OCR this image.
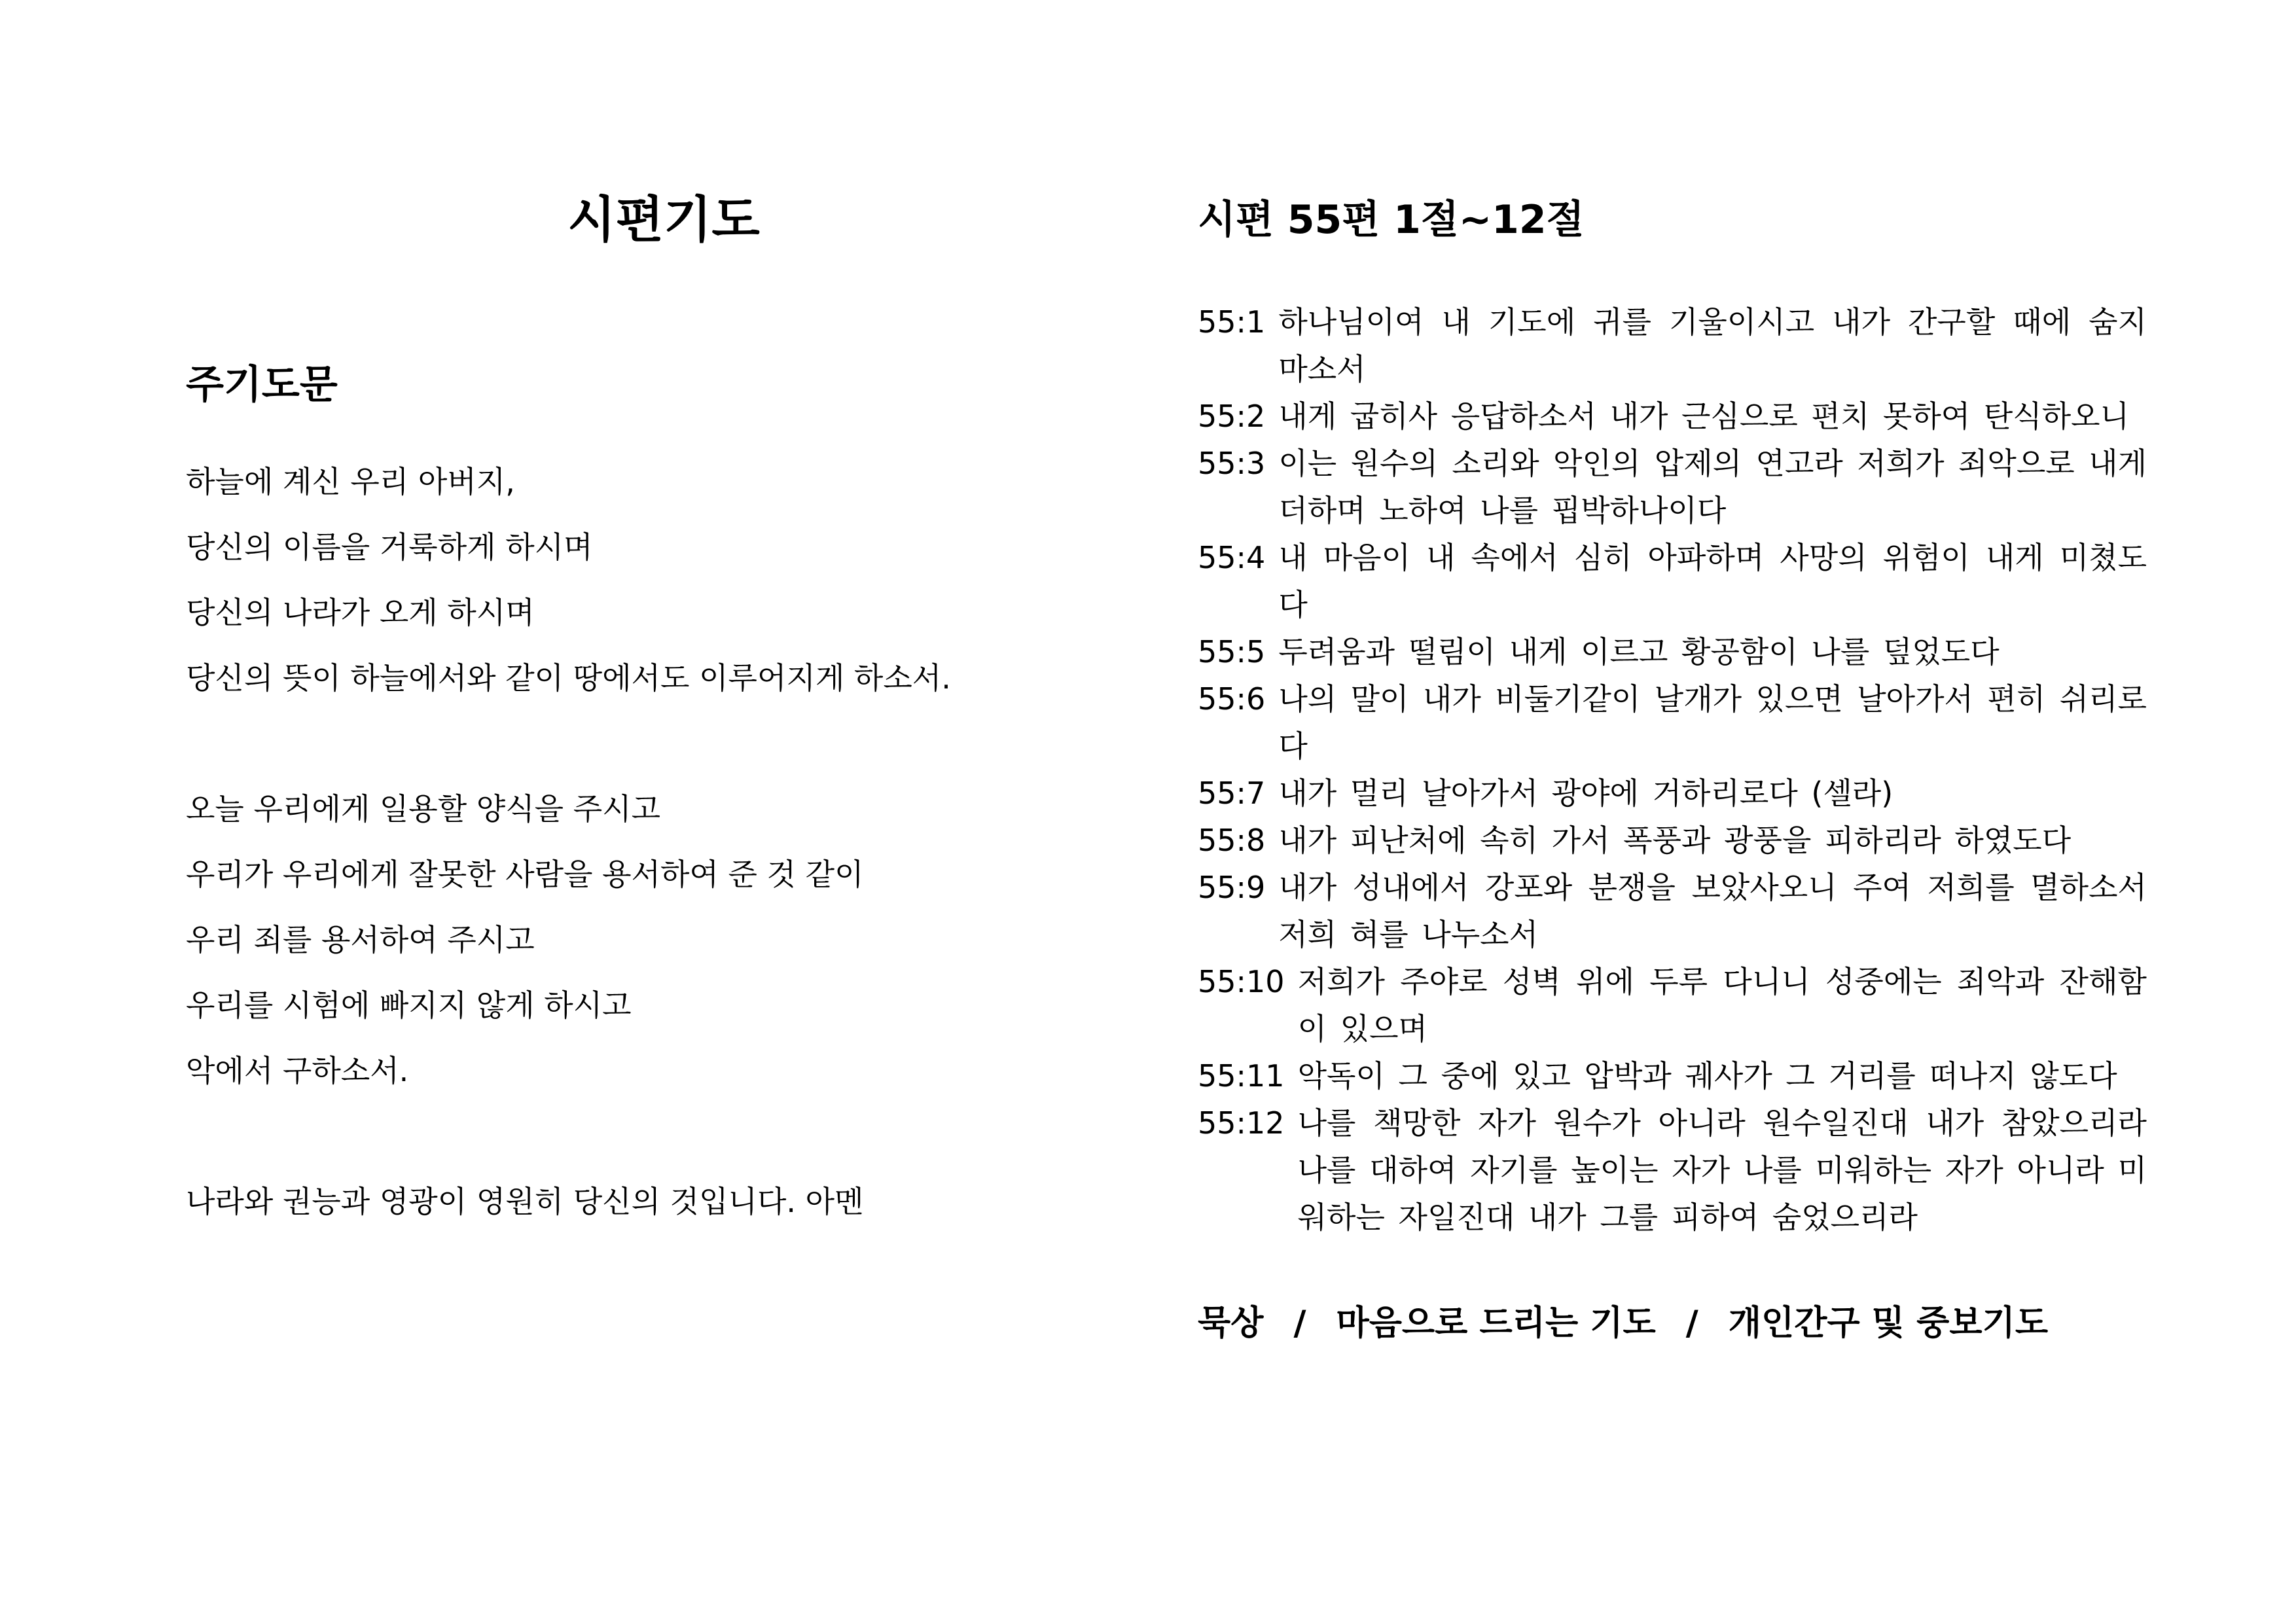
시편기도
주기도문
하늘에 계신 우리 아버지,
당신의 이름을 거룩하게 하시며
당신의 나라가 오게 하시며
당신의 뜻이 하늘에서와 같이 땅에서도 이루어지게 하소서.
오늘 우리에게 일용할 양식을 주시고
우리가 우리에게 잘못한 사람을 용서하여 준 것 같이
우리 죄를 용서하여 주시고
우리를 시험에 빠지지 않게 하시고
악에서 구하소서.
나라와 권능과 영광이 영원히 당신의 것입니다. 아멘
시편 55편 1절~12절
55:1 하나님이여 내 기도에 귀를 기울이시고 내가 간구할 때에 숨지 마소서
55:2 내게 굽히사 응답하소서 내가 근심으로 편치 못하여 탄식하오니
55:3 이는 원수의 소리와 악인의 압제의 연고라 저희가 죄악으로 내게 더하며 노하여 나를 핍박하나이다
55:4 내 마음이 내 속에서 심히 아파하며 사망의 위험이 내게 미쳤도다
55:5 두려움과 떨림이 내게 이르고 황공함이 나를 덮었도다
55:6 나의 말이 내가 비둘기같이 날개가 있으면 날아가서 편히 쉬리로다
55:7 내가 멀리 날아가서 광야에 거하리로다 (셀라)
55:8 내가 피난처에 속히 가서 폭풍과 광풍을 피하리라 하였도다
55:9 내가 성내에서 강포와 분쟁을 보았사오니 주여 저희를 멸하소서 저희 혀를 나누소서
55:10 저희가 주야로 성벽 위에 두루 다니니 성중에는 죄악과 잔해함이 있으며
55:11 악독이 그 중에 있고 압박과 궤사가 그 거리를 떠나지 않도다
55:12 나를 책망한 자가 원수가 아니라 원수일진대 내가 참았으리라 나를 대하여 자기를 높이는 자가 나를 미워하는 자가 아니라 미워하는 자일진대 내가 그를 피하여 숨었으리라
묵상 / 마음으로 드리는 기도 / 개인간구 및 중보기도
